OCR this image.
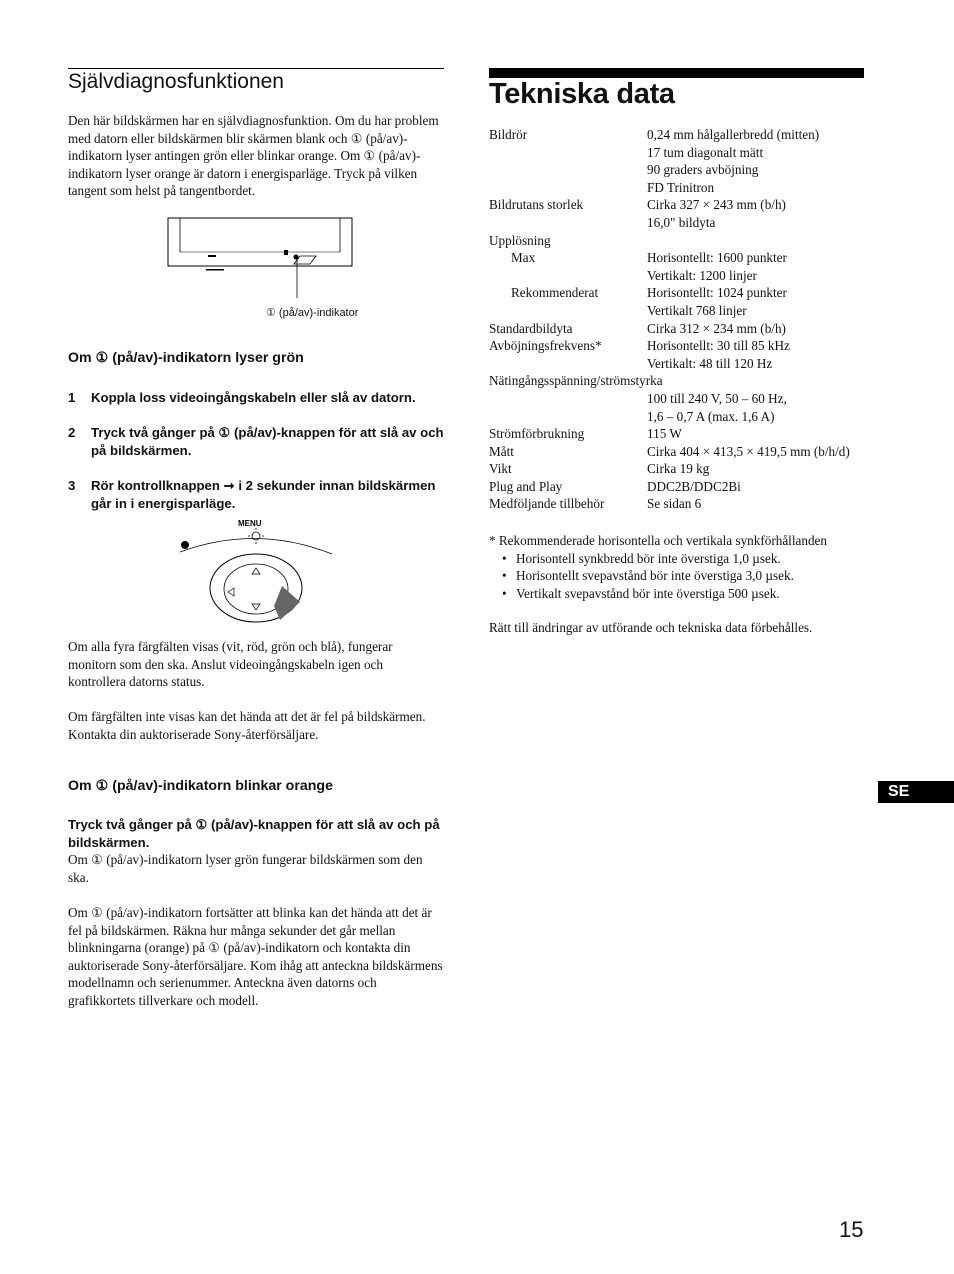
Självdiagnosfunktionen

Den här bildskärmen har en självdiagnosfunktion. Om du har problem med datorn eller bildskärmen blir skärmen blank och ① (på/av)-indikatorn lyser antingen grön eller blinkar orange. Om ① (på/av)-indikatorn lyser orange är datorn i energisparläge. Tryck på vilken tangent som helst på tangentbordet.

① (på/av)-indikator
Om ① (på/av)-indikatorn lyser grön
1 Koppla loss videoingångskabeln eller slå av datorn.
2 Tryck två gånger på ① (på/av)-knappen för att slå av och på bildskärmen.
3 Rör kontrollknappen ➞ i 2 sekunder innan bildskärmen går in i energisparläge.
MENU

Om alla fyra färgfälten visas (vit, röd, grön och blå), fungerar monitorn som den ska. Anslut videoingångskabeln igen och kontrollera datorns status.

Om färgfälten inte visas kan det hända att det är fel på bildskärmen. Kontakta din auktoriserade Sony-återförsäljare.

Om ① (på/av)-indikatorn blinkar orange

Tryck två gånger på ① (på/av)-knappen för att slå av och på bildskärmen.

Om ① (på/av)-indikatorn lyser grön fungerar bildskärmen som den ska.

Om ① (på/av)-indikatorn fortsätter att blinka kan det hända att det är fel på bildskärmen. Räkna hur många sekunder det går mellan blinkningarna (orange) på ① (på/av)-indikatorn och kontakta din auktoriserade Sony-återförsäljare. Kom ihåg att anteckna bildskärmens modellnamn och serienummer. Anteckna även datorns och grafikkortets tillverkare och modell.

Tekniska data
Bildrör	0,24 mm hålgallerbredd (mitten)
	17 tum diagonalt mätt
	90 graders avböjning
	FD Trinitron
Bildrutans storlek	Cirka 327 × 243 mm (b/h)
	16,0" bildyta
Upplösning	
Max	Horisontellt: 1600 punkter
	Vertikalt: 1200 linjer
Rekommenderat	Horisontellt: 1024 punkter
	Vertikalt 768 linjer
Standardbildyta	Cirka 312 × 234 mm (b/h)
Avböjningsfrekvens*	Horisontellt: 30 till 85 kHz
	Vertikalt: 48 till 120 Hz
Nätingångsspänning/strömstyrka	
	100 till 240 V, 50 – 60 Hz,
	1,6 – 0,7 A (max. 1,6 A)
Strömförbrukning	115 W
Mått	Cirka 404 × 413,5 × 419,5 mm (b/h/d)
Vikt	Cirka 19 kg
Plug and Play	DDC2B/DDC2Bi
Medföljande tillbehör	Se sidan 6
* Rekommenderade horisontella och vertikala synkförhållanden
• Horisontell synkbredd bör inte överstiga 1,0 µsek.
• Horisontellt svepavstånd bör inte överstiga 3,0 µsek.
• Vertikalt svepavstånd bör inte överstiga 500 µsek.
Rätt till ändringar av utförande och tekniska data förbehålles.
SE
15
